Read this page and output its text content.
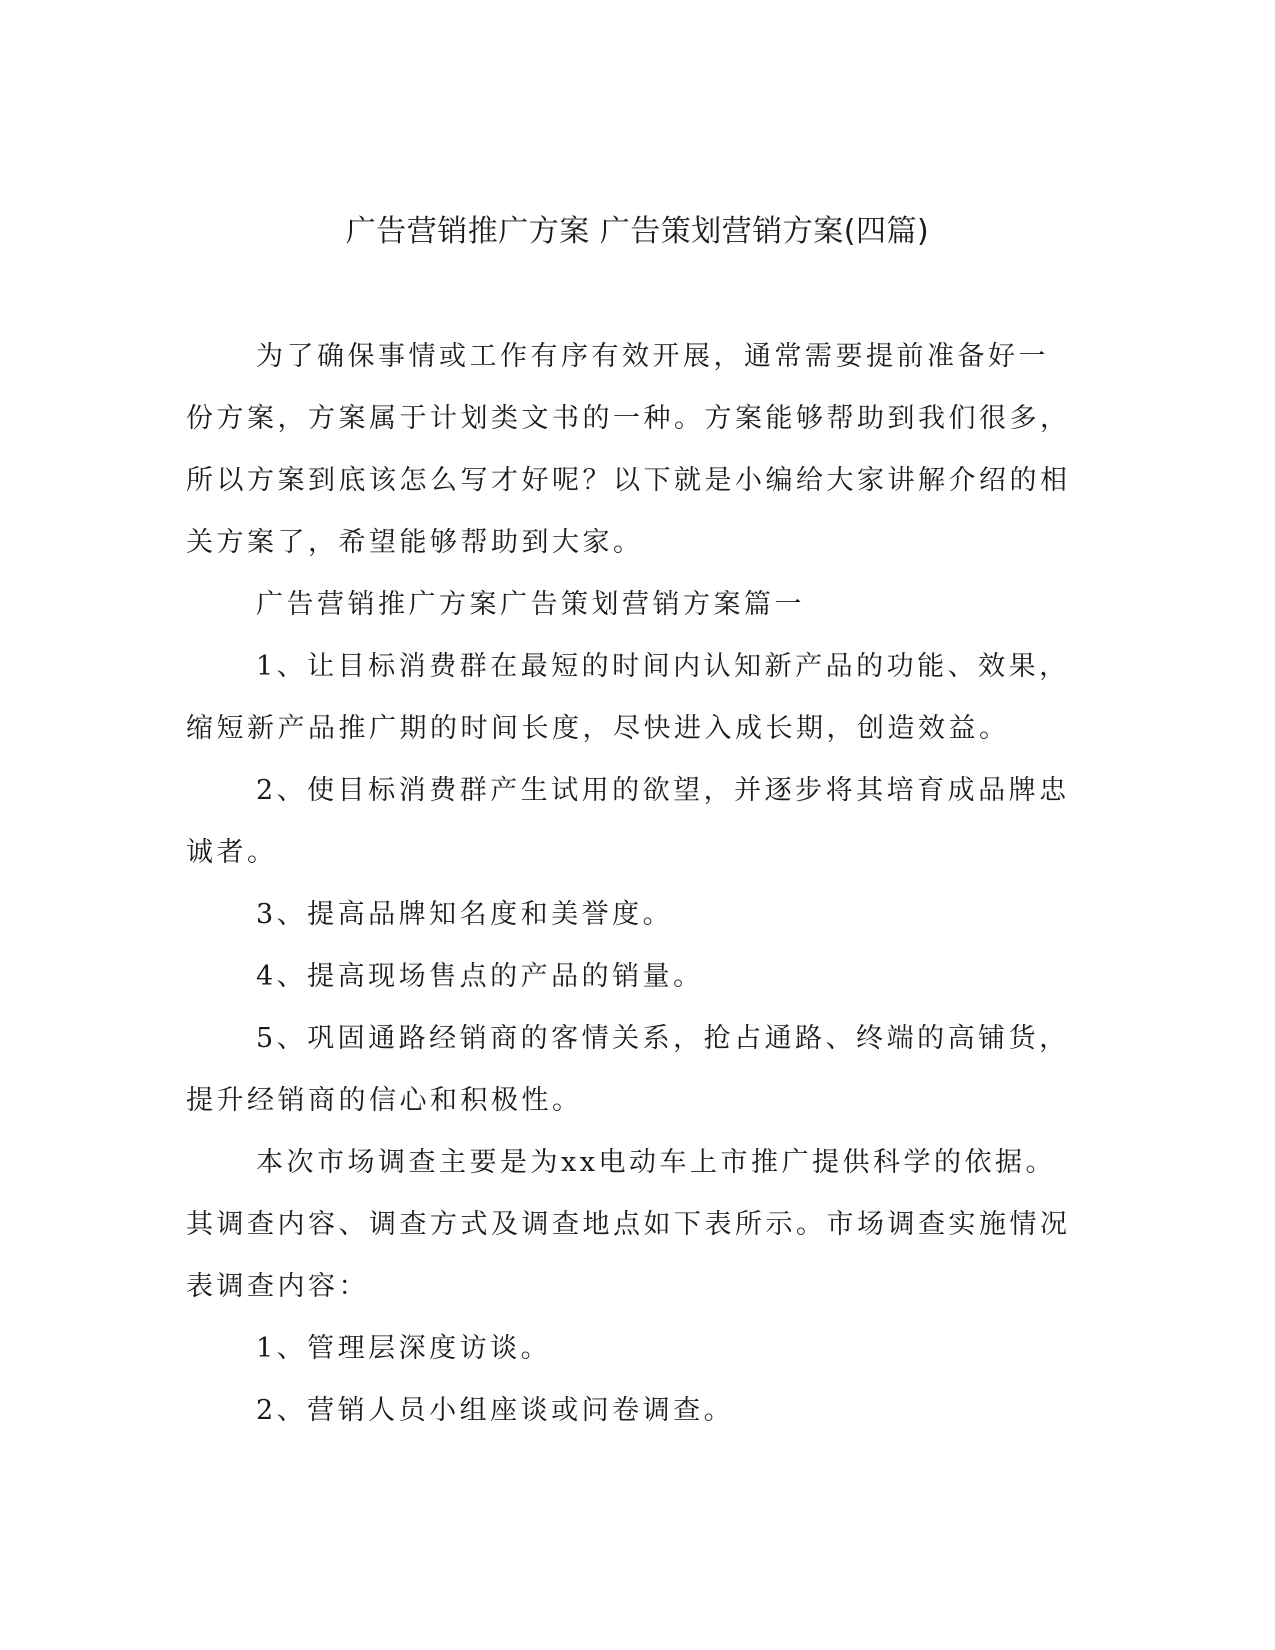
广告营销推广方案 广告策划营销方案(四篇)

为了确保事情或工作有序有效开展，通常需要提前准备好一份方案，方案属于计划类文书的一种。方案能够帮助到我们很多，所以方案到底该怎么写才好呢？以下就是小编给大家讲解介绍的相关方案了，希望能够帮助到大家。

广告营销推广方案广告策划营销方案篇一

1、让目标消费群在最短的时间内认知新产品的功能、效果，缩短新产品推广期的时间长度，尽快进入成长期，创造效益。

2、使目标消费群产生试用的欲望，并逐步将其培育成品牌忠诚者。

3、提高品牌知名度和美誉度。

4、提高现场售点的产品的销量。

5、巩固通路经销商的客情关系，抢占通路、终端的高铺货，提升经销商的信心和积极性。

本次市场调查主要是为xx电动车上市推广提供科学的依据。其调查内容、调查方式及调查地点如下表所示。市场调查实施情况表调查内容：

1、管理层深度访谈。

2、营销人员小组座谈或问卷调查。
